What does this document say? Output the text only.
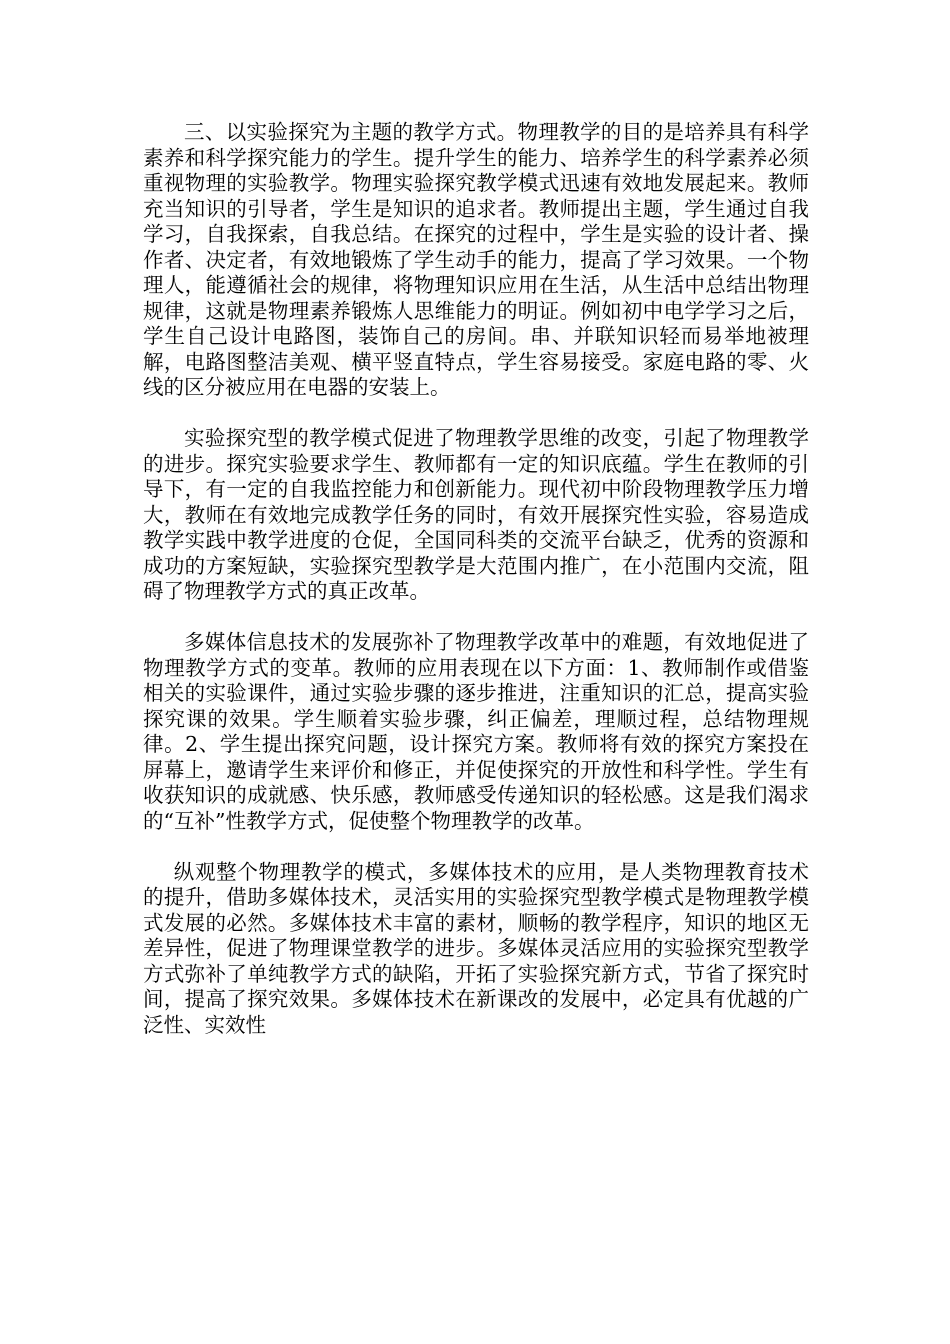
三、以实验探究为主题的教学方式。物理教学的目的是培养具有科学素养和科学探究能力的学生。提升学生的能力、培养学生的科学素养必须重视物理的实验教学。物理实验探究教学模式迅速有效地发展起来。教师充当知识的引导者，学生是知识的追求者。教师提出主题，学生通过自我学习，自我探索，自我总结。在探究的过程中，学生是实验的设计者、操作者、决定者，有效地锻炼了学生动手的能力，提高了学习效果。一个物理人，能遵循社会的规律，将物理知识应用在生活，从生活中总结出物理规律，这就是物理素养锻炼人思维能力的明证。例如初中电学学习之后，学生自己设计电路图，装饰自己的房间。串、并联知识轻而易举地被理解，电路图整洁美观、横平竖直特点，学生容易接受。家庭电路的零、火线的区分被应用在电器的安装上。

实验探究型的教学模式促进了物理教学思维的改变，引起了物理教学的进步。探究实验要求学生、教师都有一定的知识底蕴。学生在教师的引导下，有一定的自我监控能力和创新能力。现代初中阶段物理教学压力增大，教师在有效地完成教学任务的同时，有效开展探究性实验，容易造成教学实践中教学进度的仓促，全国同科类的交流平台缺乏，优秀的资源和成功的方案短缺，实验探究型教学是大范围内推广，在小范围内交流，阻碍了物理教学方式的真正改革。

多媒体信息技术的发展弥补了物理教学改革中的难题，有效地促进了物理教学方式的变革。教师的应用表现在以下方面：1、教师制作或借鉴相关的实验课件，通过实验步骤的逐步推进，注重知识的汇总，提高实验探究课的效果。学生顺着实验步骤，纠正偏差，理顺过程，总结物理规律。2、学生提出探究问题，设计探究方案。教师将有效的探究方案投在屏幕上，邀请学生来评价和修正，并促使探究的开放性和科学性。学生有收获知识的成就感、快乐感，教师感受传递知识的轻松感。这是我们渴求的“互补”性教学方式，促使整个物理教学的改革。

纵观整个物理教学的模式，多媒体技术的应用，是人类物理教育技术的提升，借助多媒体技术，灵活实用的实验探究型教学模式是物理教学模式发展的必然。多媒体技术丰富的素材，顺畅的教学程序，知识的地区无差异性，促进了物理课堂教学的进步。多媒体灵活应用的实验探究型教学方式弥补了单纯教学方式的缺陷，开拓了实验探究新方式，节省了探究时间，提高了探究效果。多媒体技术在新课改的发展中，必定具有优越的广泛性、实效性
